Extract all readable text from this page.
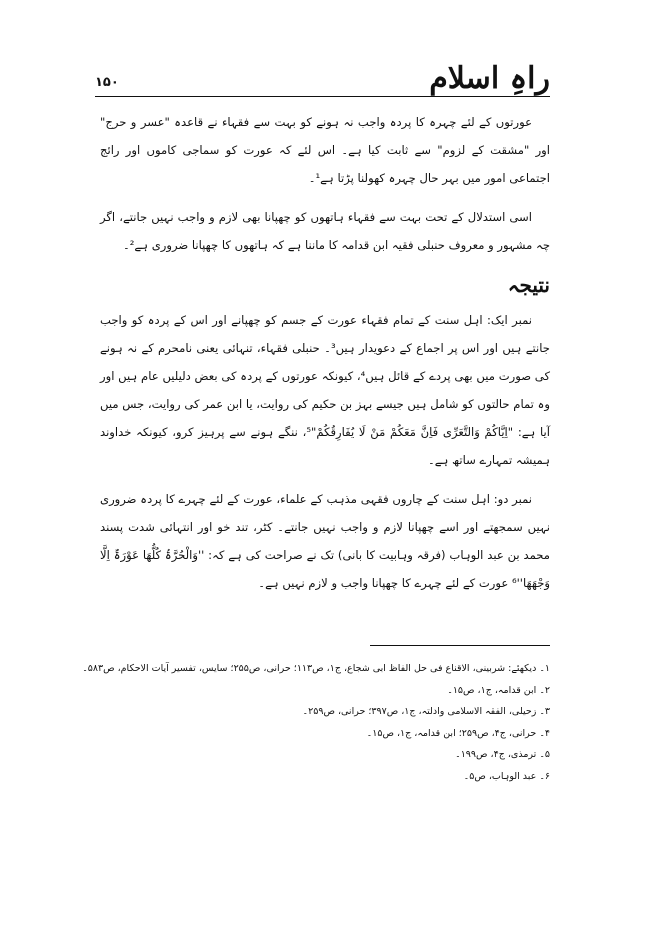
۱۵۰	راہِ اسلام

عورتوں کے لئے چہرہ کا پردہ واجب نہ ہونے کو بہت سے فقہاء نے قاعدہ "عسر و حرج" اور "مشقت کے لزوم" سے ثابت کیا ہے۔ اس لئے کہ عورت کو سماجی کاموں اور رائج اجتماعی امور میں بہر حال چہرہ کھولنا پڑتا ہے¹۔

اسی استدلال کے تحت بہت سے فقہاء ہاتھوں کو چھپانا بھی لازم و واجب نہیں جانتے، اگر چہ مشہور و معروف حنبلی فقیہ ابن قدامہ کا ماننا ہے کہ ہاتھوں کا چھپانا ضروری ہے²۔

نتیجہ

نمبر ایک: اہل سنت کے تمام فقہاء عورت کے جسم کو چھپانے اور اس کے پردہ کو واجب جانتے ہیں اور اس پر اجماع کے دعویدار ہیں³۔ حنبلی فقہاء، تنہائی یعنی نامحرم کے نہ ہونے کی صورت میں بھی پردے کے قائل ہیں⁴، کیونکہ عورتوں کے پردہ کی بعض دلیلیں عام ہیں اور وہ تمام حالتوں کو شامل ہیں جیسے بہز بن حکیم کی روایت، یا ابن عمر کی روایت، جس میں آیا ہے: "اِیَّاکُمْ وَالتَّعَرِّی فَاِنَّ مَعَکُمْ مَنْ لَا یُفَارِقُکُمْ"⁵، ننگے ہونے سے پرہیز کرو، کیونکہ خداوند ہمیشہ تمہارے ساتھ ہے۔

نمبر دو: اہل سنت کے چاروں فقہی مذہب کے علماء، عورت کے لئے چہرے کا پردہ ضروری نہیں سمجھتے اور اسے چھپانا لازم و واجب نہیں جانتے۔ کٹر، تند خو اور انتہائی شدت پسند محمد بن عبد الوہاب (فرقہ وہابیت کا بانی) تک نے صراحت کی ہے کہ: ''وَالْحُرَّۃُ کُلُّھَا عَوْرَۃٌ اِلَّا وَجْھَھَا''⁶ عورت کے لئے چہرے کا چھپانا واجب و لازم نہیں ہے۔

۱۔ دیکھئے: شربینی، الاقناع فی حل الفاظ ابی شجاع، ج۱، ص۱۱۳؛ حرانی، ص۲۵۵؛ سایس، تفسیر آیات الاحکام، ص۵۸۳۔
۲۔ ابن قدامہ، ج۱، ص۱۵۔
۳۔ زحیلی، الفقہ الاسلامی وادلتہ، ج۱، ص۳۹۷؛ حرانی، ص۲۵۹۔
۴۔ حرانی، ج۴، ص۲۵۹؛ ابن قدامہ، ج۱، ص۱۵۔
۵۔ ترمذی، ج۴، ص۱۹۹۔
۶۔ عبد الوہاب، ص۵۔
